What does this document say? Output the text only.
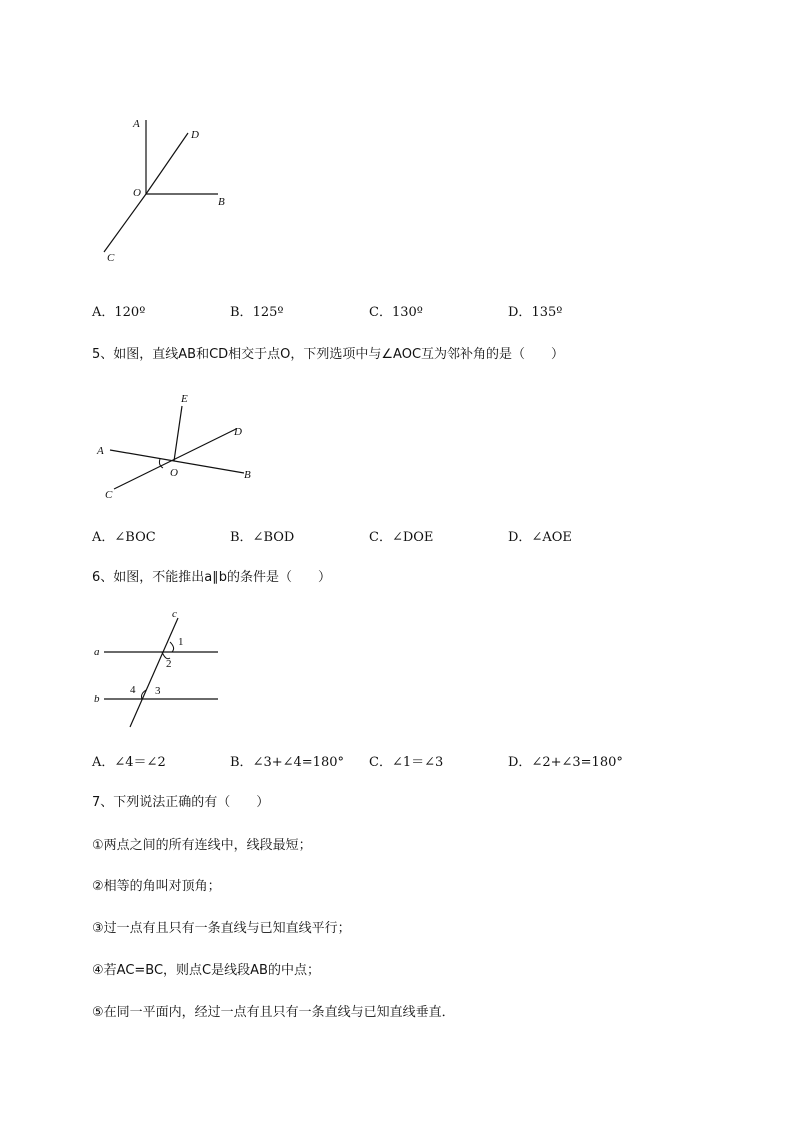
A
D
O
B
C
A．120º	B．125º	C．130º	D．135º
5、如图，直线AB和CD相交于点O，下列选项中与∠AOC互为邻补角的是（　　）
E
D
A
O	B
C
A．∠BOC	B．∠BOD	C．∠DOE	D．∠AOE
6、如图，不能推出a∥b的条件是（　　）
c
1
a
2
4 3
b
A．∠4＝∠2	B．∠3+∠4=180° C．∠1＝∠3	D．∠2+∠3=180°
7、下列说法正确的有（　　）
①两点之间的所有连线中，线段最短；
②相等的角叫对顶角；
③过一点有且只有一条直线与已知直线平行；
④若AC=BC，则点C是线段AB的中点；
⑤在同一平面内，经过一点有且只有一条直线与已知直线垂直．
